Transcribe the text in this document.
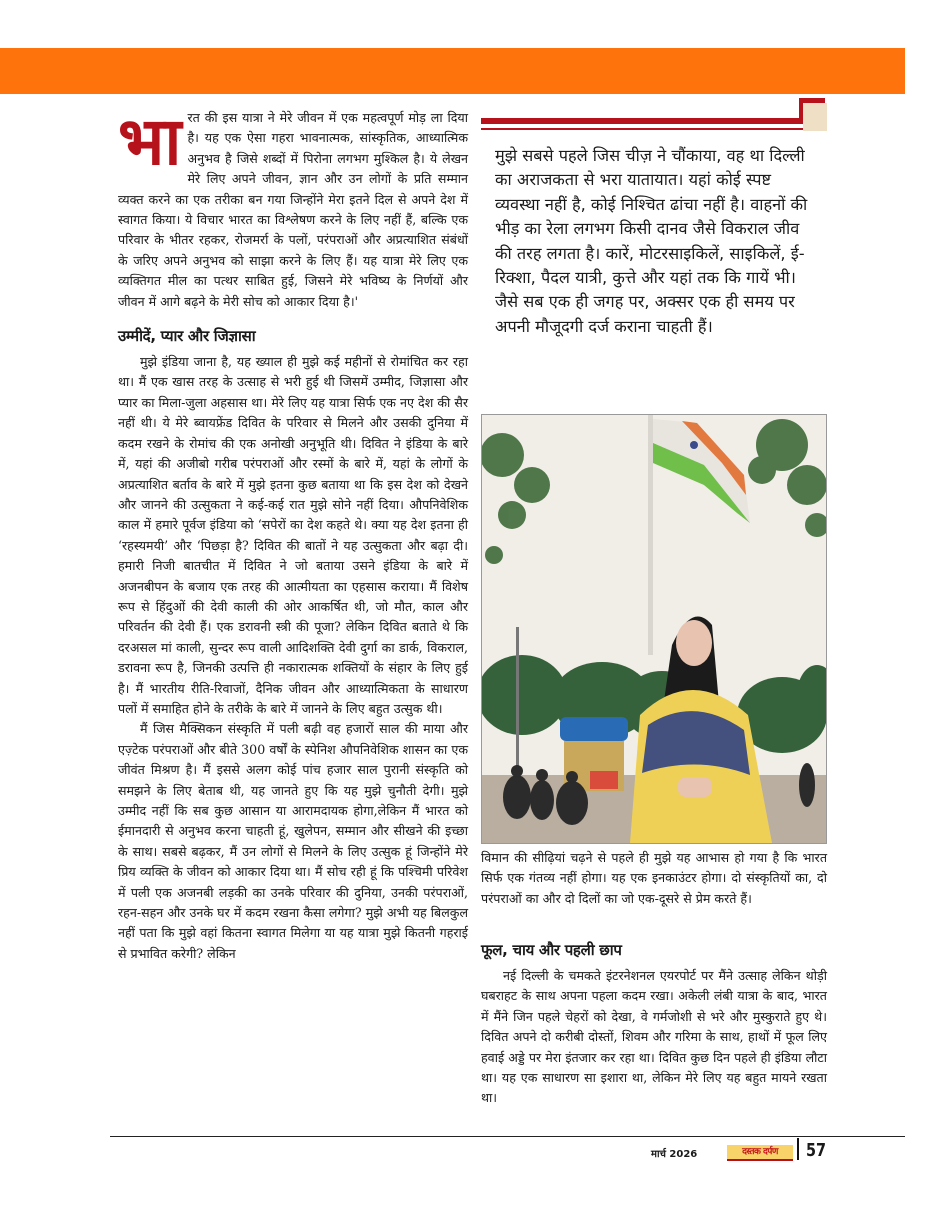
भारत की इस यात्रा ने मेरे जीवन में एक महत्वपूर्ण मोड़ ला दिया है। यह एक ऐसा गहरा भावनात्मक, सांस्कृतिक, आध्यात्मिक अनुभव है जिसे शब्दों में पिरोना लगभग मुश्किल है। ये लेखन मेरे लिए अपने जीवन, ज्ञान और उन लोगों के प्रति सम्मान व्यक्त करने का एक तरीका बन गया जिन्होंने मेरा इतने दिल से अपने देश में स्वागत किया। ये विचार भारत का विश्लेषण करने के लिए नहीं हैं, बल्कि एक परिवार के भीतर रहकर, रोजमर्रा के पलों, परंपराओं और अप्रत्याशित संबंधों के जरिए अपने अनुभव को साझा करने के लिए हैं। यह यात्रा मेरे लिए एक व्यक्तिगत मील का पत्थर साबित हुई, जिसने मेरे भविष्य के निर्णयों और जीवन में आगे बढ़ने के मेरी सोच को आकार दिया है।'

उम्मीदें, प्यार और जिज्ञासा

मुझे इंडिया जाना है, यह ख्याल ही मुझे कई महीनों से रोमांचित कर रहा था। मैं एक खास तरह के उत्साह से भरी हुई थी जिसमें उम्मीद, जिज्ञासा और प्यार का मिला-जुला अहसास था। मेरे लिए यह यात्रा सिर्फ एक नए देश की सैर नहीं थी। ये मेरे ब्वायफ्रेंड दिवित के परिवार से मिलने और उसकी दुनिया में कदम रखने के रोमांच की एक अनोखी अनुभूति थी। दिवित ने इंडिया के बारे में, यहां की अजीबो गरीब परंपराओं और रस्मों के बारे में, यहां के लोगों के अप्रत्याशित बर्ताव के बारे में मुझे इतना कुछ बताया था कि इस देश को देखने और जानने की उत्सुकता ने कई-कई रात मुझे सोने नहीं दिया। औपनिवेशिक काल में हमारे पूर्वज इंडिया को ‘सपेरों का देश कहते थे। क्या यह देश इतना ही ‘रहस्यमयी’ और ‘पिछड़ा है? दिवित की बातों ने यह उत्सुकता और बढ़ा दी। हमारी निजी बातचीत में दिवित ने जो बताया उसने इंडिया के बारे में अजनबीपन के बजाय एक तरह की आत्मीयता का एहसास कराया। मैं विशेष रूप से हिंदुओं की देवी काली की ओर आकर्षित थी, जो मौत, काल और परिवर्तन की देवी हैं। एक डरावनी स्त्री की पूजा? लेकिन दिवित बताते थे कि दरअसल मां काली, सुन्दर रूप वाली आदिशक्ति देवी दुर्गा का डार्क, विकराल, डरावना रूप है, जिनकी उत्पत्ति ही नकारात्मक शक्तियों के संहार के लिए हुई है। मैं भारतीय रीति-रिवाजों, दैनिक जीवन और आध्यात्मिकता के साधारण पलों में समाहित होने के तरीके के बारे में जानने के लिए बहुत उत्सुक थी।

मैं जिस मैक्सिकन संस्कृति में पली बढ़ी वह हजारों साल की माया और एज़्टेक परंपराओं और बीते 300 वर्षों के स्पेनिश औपनिवेशिक शासन का एक जीवंत मिश्रण है। मैं इससे अलग कोई पांच हजार साल पुरानी संस्कृति को समझने के लिए बेताब थी, यह जानते हुए कि यह मुझे चुनौती देगी। मुझे उम्मीद नहीं कि सब कुछ आसान या आरामदायक होगा,लेकिन मैं भारत को ईमानदारी से अनुभव करना चाहती हूं, खुलेपन, सम्मान और सीखने की इच्छा के साथ। सबसे बढ़कर, मैं उन लोगों से मिलने के लिए उत्सुक हूं जिन्होंने मेरे प्रिय व्यक्ति के जीवन को आकार दिया था। मैं सोच रही हूं कि पश्चिमी परिवेश में पली एक अजनबी लड़की का उनके परिवार की दुनिया, उनकी परंपराओं, रहन-सहन और उनके घर में कदम रखना कैसा लगेगा? मुझे अभी यह बिलकुल नहीं पता कि मुझे वहां कितना स्वागत मिलेगा या यह यात्रा मुझे कितनी गहराई से प्रभावित करेगी? लेकिन

मुझे सबसे पहले जिस चीज़ ने चौंकाया, वह था दिल्ली का अराजकता से भरा यातायात। यहां कोई स्पष्ट व्यवस्था नहीं है, कोई निश्चित ढांचा नहीं है। वाहनों की भीड़ का रेला लगभग किसी दानव जैसे विकराल जीव की तरह लगता है। कारें, मोटरसाइकिलें, साइकिलें, ई-रिक्शा, पैदल यात्री, कुत्ते और यहां तक कि गायें भी। जैसे सब एक ही जगह पर, अक्सर एक ही समय पर अपनी मौजूदगी दर्ज कराना चाहती हैं।

विमान की सीढ़ियां चढ़ने से पहले ही मुझे यह आभास हो गया है कि भारत सिर्फ एक गंतव्य नहीं होगा। यह एक इनकाउंटर होगा। दो संस्कृतियों का, दो परंपराओं का और दो दिलों का जो एक-दूसरे से प्रेम करते हैं।

फूल, चाय और पहली छाप

नई दिल्ली के चमकते इंटरनेशनल एयरपोर्ट पर मैंने उत्साह लेकिन थोड़ी घबराहट के साथ अपना पहला कदम रखा। अकेली लंबी यात्रा के बाद, भारत में मैंने जिन पहले चेहरों को देखा, वे गर्मजोशी से भरे और मुस्कुराते हुए थे। दिवित अपने दो करीबी दोस्तों, शिवम और गरिमा के साथ, हाथों में फूल लिए हवाई अड्डे पर मेरा इंतजार कर रहा था। दिवित कुछ दिन पहले ही इंडिया लौटा था। यह एक साधारण सा इशारा था, लेकिन मेरे लिए यह बहुत मायने रखता था।

मार्च 2026	दस्तक दर्पण	57
